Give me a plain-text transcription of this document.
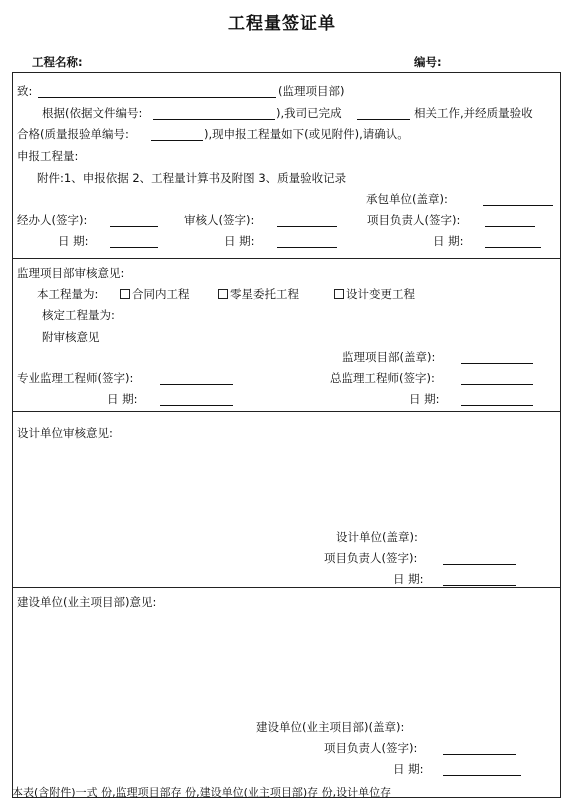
工程量签证单
工程名称:	编号:
致:	(监理项目部)
根据(依据文件编号:	),我司已完成	相关工作,并经质量验收
合格(质量报验单编号:	),现申报工程量如下(或见附件),请确认。
申报工程量:
附件:1、申报依据 2、工程量计算书及附图 3、质量验收记录
承包单位(盖章):
经办人(签字):	审核人(签字):	项目负责人(签字):
日 期:	日 期:	日 期:
监理项目部审核意见:
本工程量为:	合同内工程	零星委托工程	设计变更工程
核定工程量为:
附审核意见
监理项目部(盖章):
专业监理工程师(签字):	总监理工程师(签字):
日 期:	日 期:
设计单位审核意见:
设计单位(盖章):
项目负责人(签字):
日 期:
建设单位(业主项目部)意见:
建设单位(业主项目部)(盖章):
项目负责人(签字):
日 期:
本表(含附件)一式 份,监理项目部存 份,建设单位(业主项目部)存 份,设计单位存
